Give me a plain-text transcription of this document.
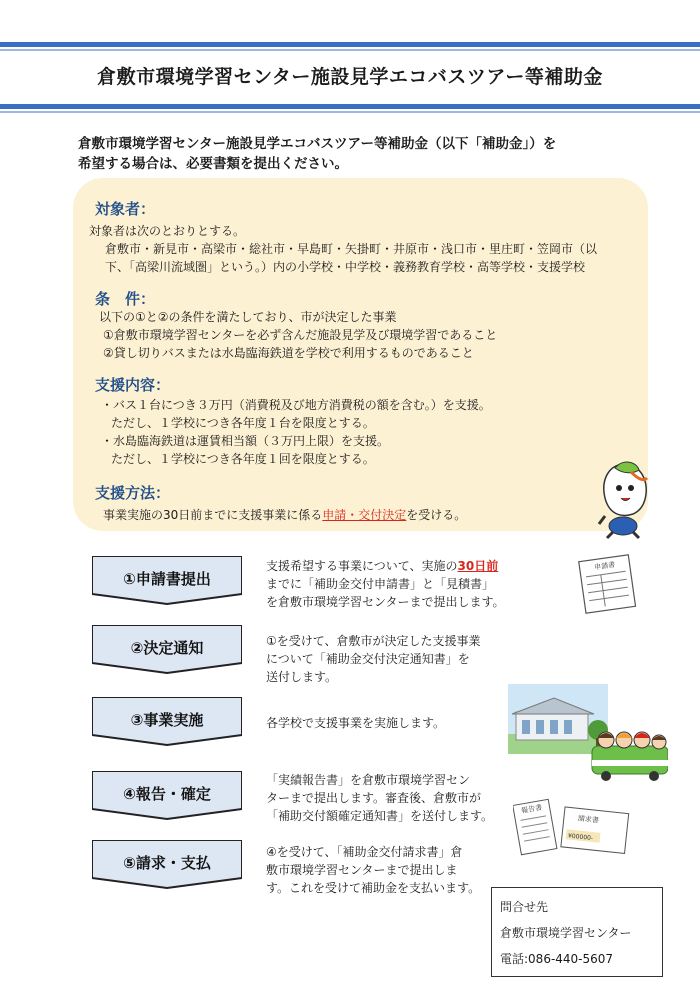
倉敷市環境学習センター施設見学エコバスツアー等補助金
倉敷市環境学習センター施設見学エコバスツアー等補助金（以下「補助金」）を
希望する場合は、必要書類を提出ください。
対象者：
対象者は次のとおりとする。
倉敷市・新見市・高梁市・総社市・早島町・矢掛町・井原市・浅口市・里庄町・笠岡市（以
下、「高梁川流域圏」という。）内の小学校・中学校・義務教育学校・高等学校・支援学校
条　件：
以下の①と②の条件を満たしており、市が決定した事業
①倉敷市環境学習センターを必ず含んだ施設見学及び環境学習であること
②貸し切りバスまたは水島臨海鉄道を学校で利用するものであること
支援内容：
・バス１台につき３万円（消費税及び地方消費税の額を含む。）を支援。
ただし、１学校につき各年度１台を限度とする。
・水島臨海鉄道は運賃相当額（３万円上限）を支援。
ただし、１学校につき各年度１回を限度とする。
支援方法：
事業実施の30日前までに支援事業に係る申請・交付決定を受ける。
①申請書提出
支援希望する事業について、実施の30日前
までに「補助金交付申請書」と「見積書」
を倉敷市環境学習センターまで提出します。
申請書
②決定通知	①を受けて、倉敷市が決定した支援事業
について「補助金交付決定通知書」を
送付します。
③事業実施	各学校で支援事業を実施します。
④報告・確定
「実績報告書」を倉敷市環境学習セン
ターまで提出します。審査後、倉敷市が
「補助交付額確定通知書」を送付します。	報告書
請求書
¥00000-
⑤請求・支払
④を受けて、「補助金交付請求書」倉
敷市環境学習センターまで提出しま
す。これを受けて補助金を支払います。
問合せ先
倉敷市環境学習センター
電話:086-440-5607
